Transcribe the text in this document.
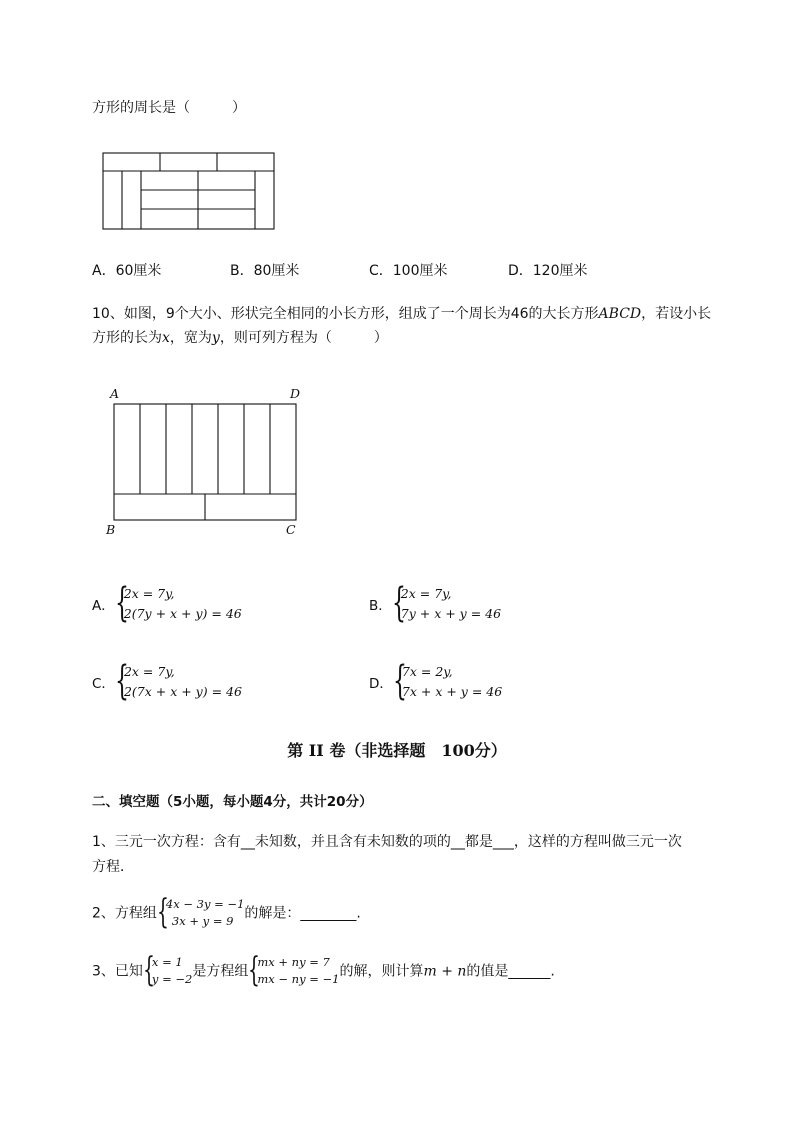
方形的周长是（　　　）
A．60厘米	B．80厘米	C．100厘米	D．120厘米
10、如图，9个大小、形状完全相同的小长方形，组成了一个周长为46的大长方形ABCD，若设小长
方形的长为x，宽为y，则可列方程为（　　　）
A	D
B	C
A． {
2x = 7y,
2(7y + x + y) = 46	B． {
2x = 7y,
7y + x + y = 46
C． {
2x = 7y,
2(7x + x + y) = 46	D． {
7x = 2y,
7x + x + y = 46
第 II 卷（非选择题　100分）
二、填空题（5小题，每小题4分，共计20分）
1、三元一次方程：含有__未知数，并且含有未知数的项的__都是___，这样的方程叫做三元一次
方程．
2、方程组 {
4x − 3y = −1
3x + y = 9 的解是：________.
3、已知 {
x = 1
y = −2 是方程组 {
mx + ny = 7
mx − ny = −1 的解，则计算m + n的值是______.
